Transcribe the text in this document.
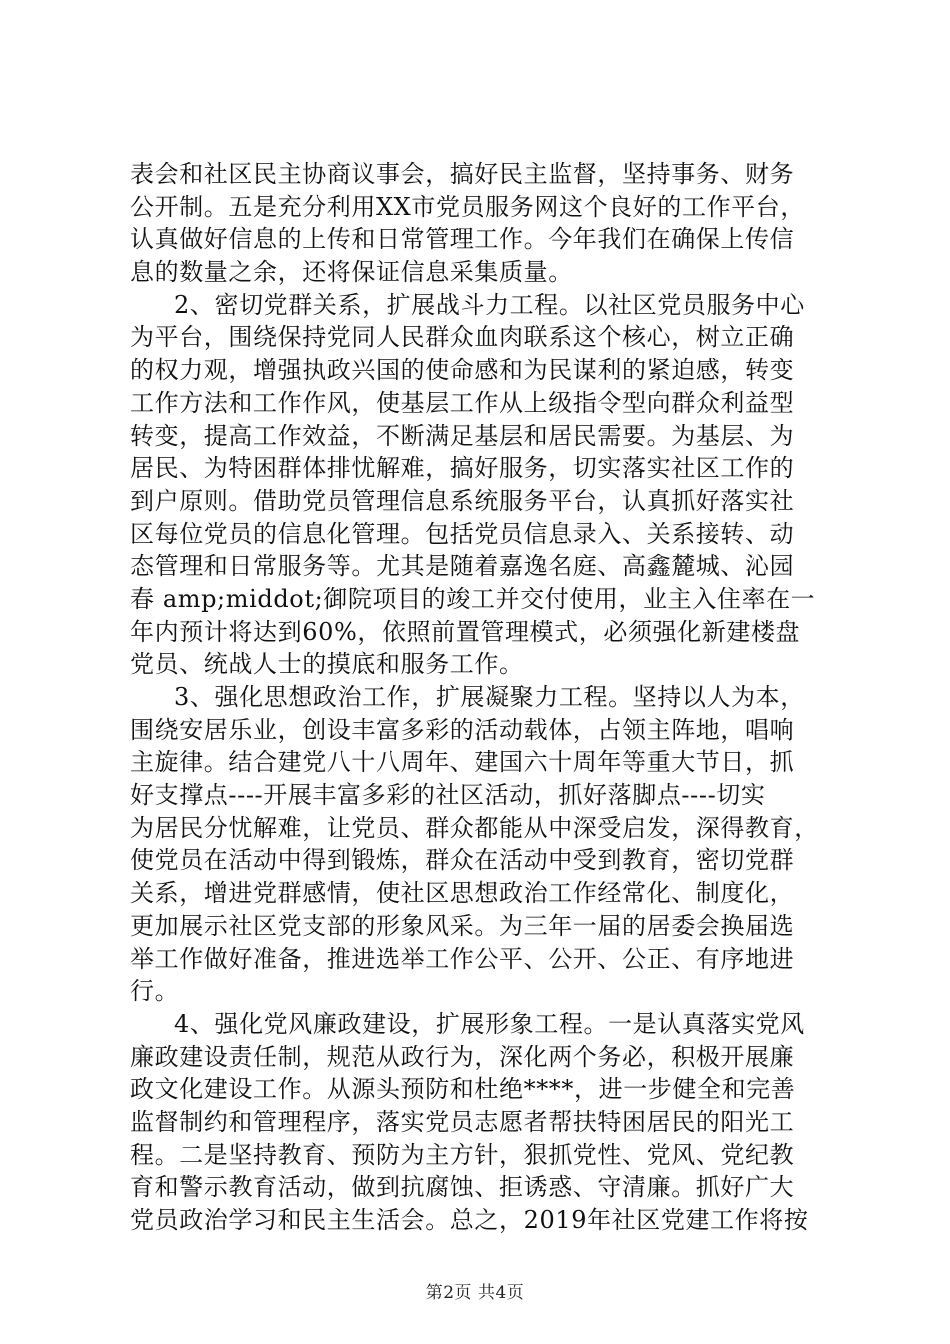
表会和社区民主协商议事会，搞好民主监督，坚持事务、财务
公开制。五是充分利用XX市党员服务网这个良好的工作平台，
认真做好信息的上传和日常管理工作。今年我们在确保上传信
息的数量之余，还将保证信息采集质量。
2、密切党群关系，扩展战斗力工程。以社区党员服务中心
为平台，围绕保持党同人民群众血肉联系这个核心，树立正确
的权力观，增强执政兴国的使命感和为民谋利的紧迫感，转变
工作方法和工作作风，使基层工作从上级指令型向群众利益型
转变，提高工作效益，不断满足基层和居民需要。为基层、为
居民、为特困群体排忧解难，搞好服务，切实落实社区工作的
到户原则。借助党员管理信息系统服务平台，认真抓好落实社
区每位党员的信息化管理。包括党员信息录入、关系接转、动
态管理和日常服务等。尤其是随着嘉逸名庭、高鑫麓城、沁园
春 amp;middot;御院项目的竣工并交付使用，业主入住率在一
年内预计将达到60%，依照前置管理模式，必须强化新建楼盘
党员、统战人士的摸底和服务工作。
3、强化思想政治工作，扩展凝聚力工程。坚持以人为本，
围绕安居乐业，创设丰富多彩的活动载体，占领主阵地，唱响
主旋律。结合建党八十八周年、建国六十周年等重大节日，抓
好支撑点----开展丰富多彩的社区活动，抓好落脚点----切实
为居民分忧解难，让党员、群众都能从中深受启发，深得教育，
使党员在活动中得到锻炼，群众在活动中受到教育，密切党群
关系，增进党群感情，使社区思想政治工作经常化、制度化，
更加展示社区党支部的形象风采。为三年一届的居委会换届选
举工作做好准备，推进选举工作公平、公开、公正、有序地进
行。
4、强化党风廉政建设，扩展形象工程。一是认真落实党风
廉政建设责任制，规范从政行为，深化两个务必，积极开展廉
政文化建设工作。从源头预防和杜绝****，进一步健全和完善
监督制约和管理程序，落实党员志愿者帮扶特困居民的阳光工
程。二是坚持教育、预防为主方针，狠抓党性、党风、党纪教
育和警示教育活动，做到抗腐蚀、拒诱惑、守清廉。抓好广大
党员政治学习和民主生活会。总之，2019年社区党建工作将按
第2页 共4页
